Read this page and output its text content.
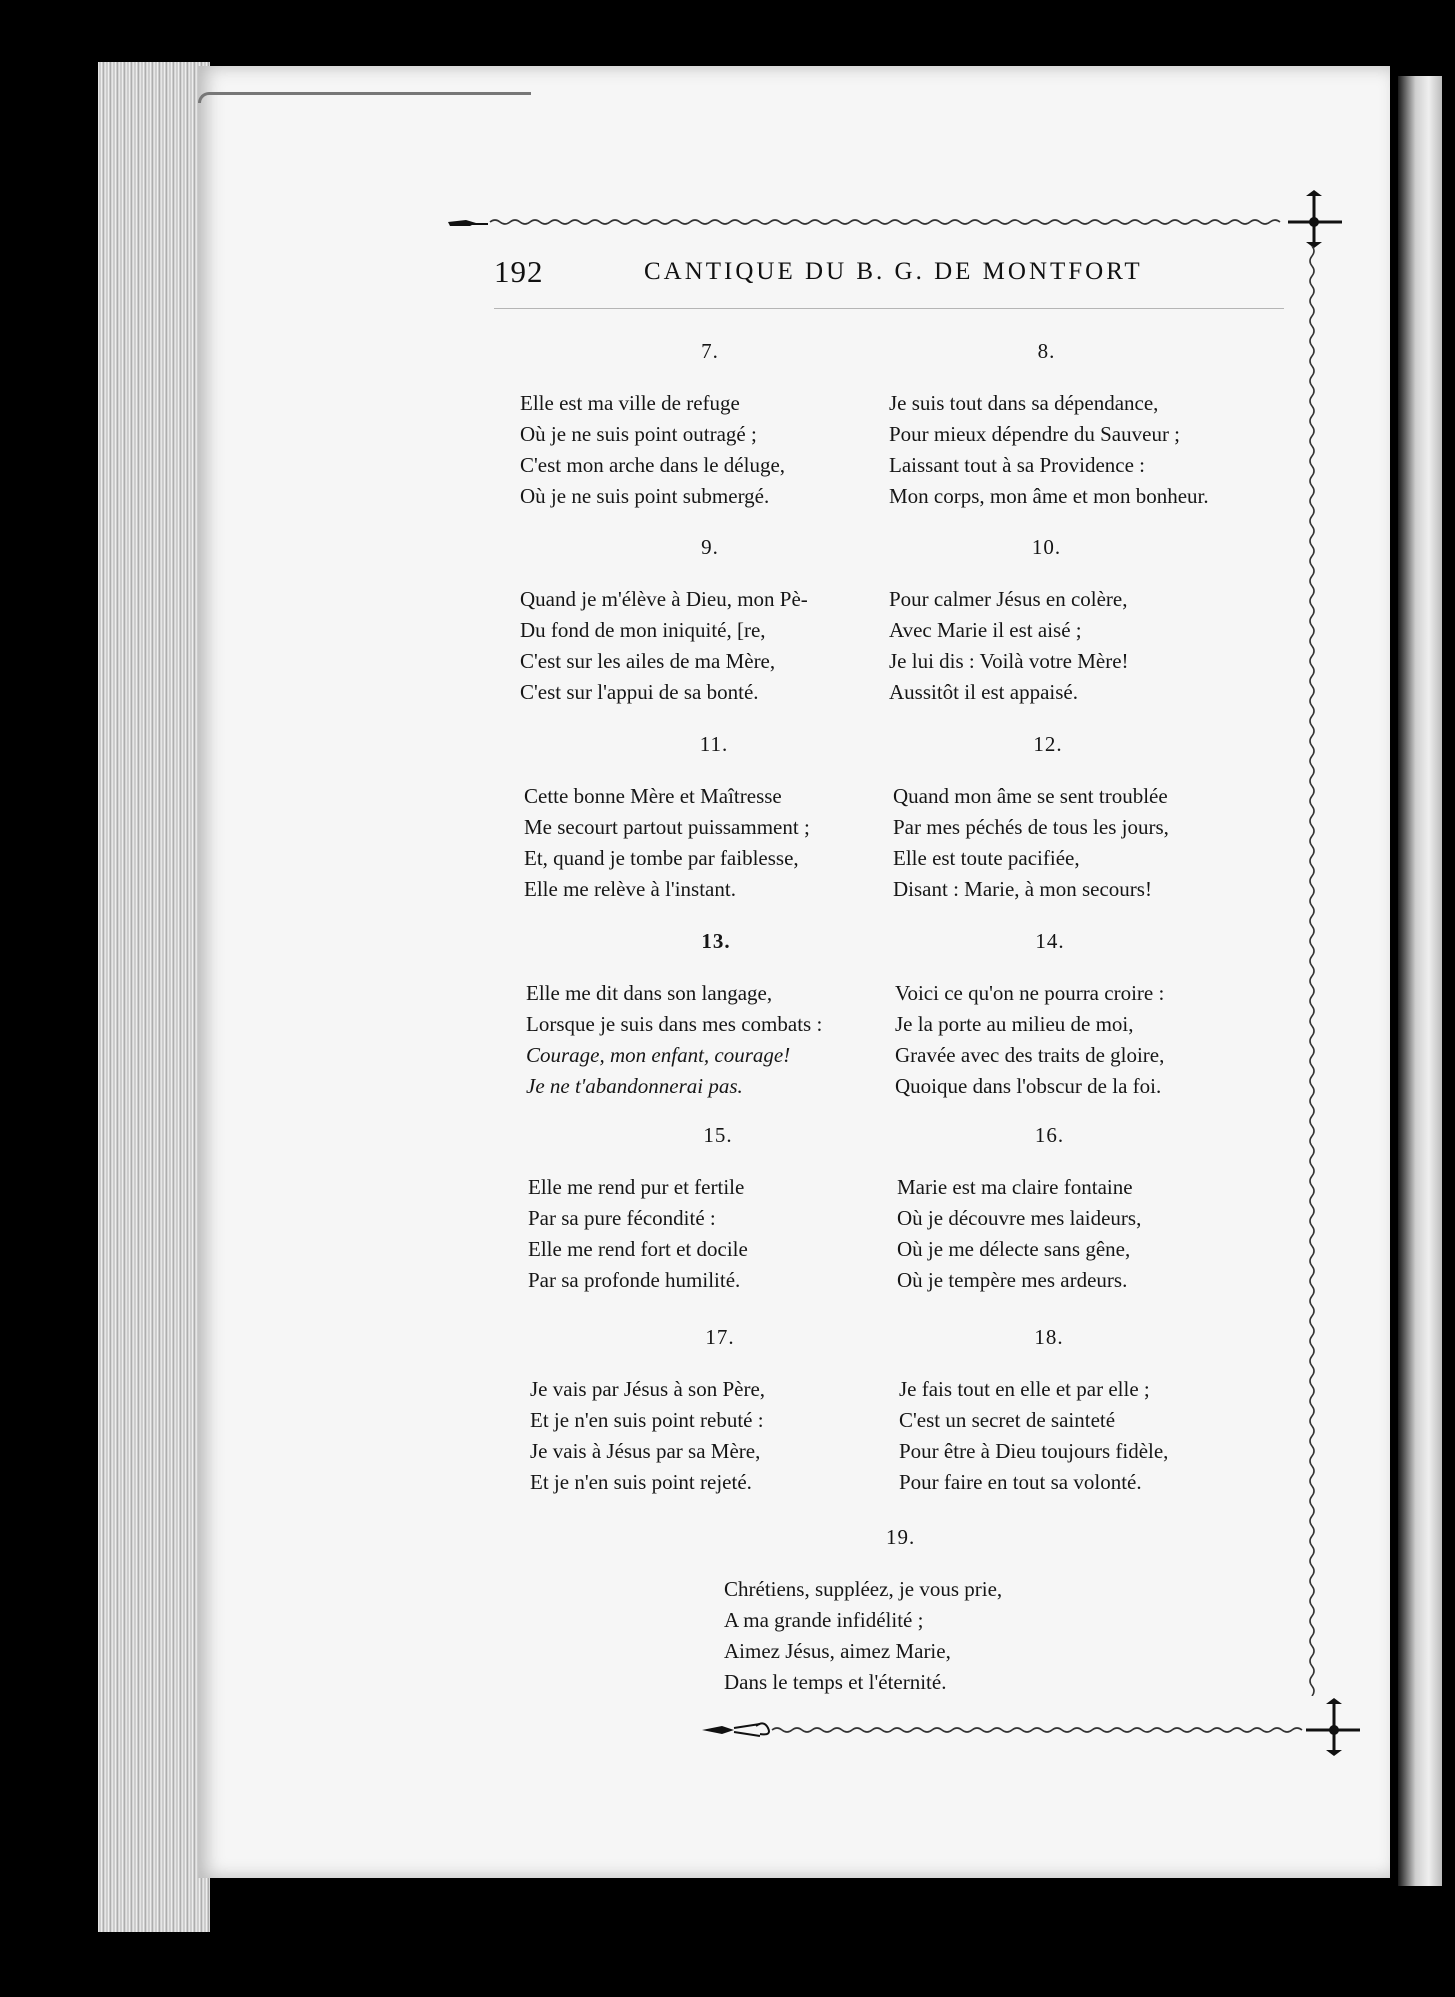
192	CANTIQUE DU B. G. DE MONTFORT
7.
Elle est ma ville de refuge
Où je ne suis point outragé ;
C'est mon arche dans le déluge,
Où je ne suis point submergé.
8.
Je suis tout dans sa dépendance,
Pour mieux dépendre du Sauveur ;
Laissant tout à sa Providence :
Mon corps, mon âme et mon bonheur.
9.
Quand je m'élève à Dieu, mon Pè-
Du fond de mon iniquité, [re,
C'est sur les ailes de ma Mère,
C'est sur l'appui de sa bonté.
10.
Pour calmer Jésus en colère,
Avec Marie il est aisé ;
Je lui dis : Voilà votre Mère!
Aussitôt il est appaisé.
11.
Cette bonne Mère et Maîtresse
Me secourt partout puissamment ;
Et, quand je tombe par faiblesse,
Elle me relève à l'instant.
12.
Quand mon âme se sent troublée
Par mes péchés de tous les jours,
Elle est toute pacifiée,
Disant : Marie, à mon secours!
13.
Elle me dit dans son langage,
Lorsque je suis dans mes combats :
Courage, mon enfant, courage!
Je ne t'abandonnerai pas.
14.
Voici ce qu'on ne pourra croire :
Je la porte au milieu de moi,
Gravée avec des traits de gloire,
Quoique dans l'obscur de la foi.
15.
Elle me rend pur et fertile
Par sa pure fécondité :
Elle me rend fort et docile
Par sa profonde humilité.
16.
Marie est ma claire fontaine
Où je découvre mes laideurs,
Où je me délecte sans gêne,
Où je tempère mes ardeurs.
17.
Je vais par Jésus à son Père,
Et je n'en suis point rebuté :
Je vais à Jésus par sa Mère,
Et je n'en suis point rejeté.
18.
Je fais tout en elle et par elle ;
C'est un secret de sainteté
Pour être à Dieu toujours fidèle,
Pour faire en tout sa volonté.
19.
Chrétiens, suppléez, je vous prie,
A ma grande infidélité ;
Aimez Jésus, aimez Marie,
Dans le temps et l'éternité.
